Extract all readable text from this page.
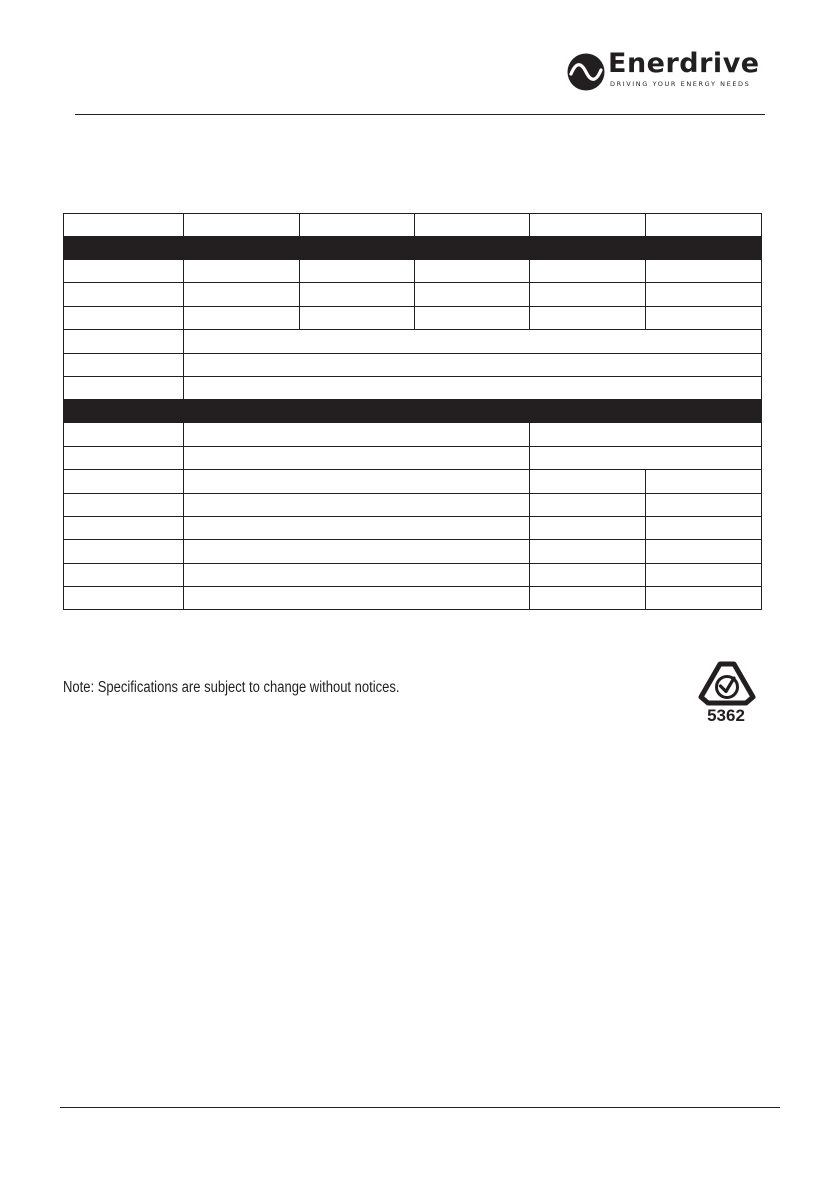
Enerdrive
DRIVING YOUR ENERGY NEEDS

Note: Specifications are subject to change without notices.
5362
